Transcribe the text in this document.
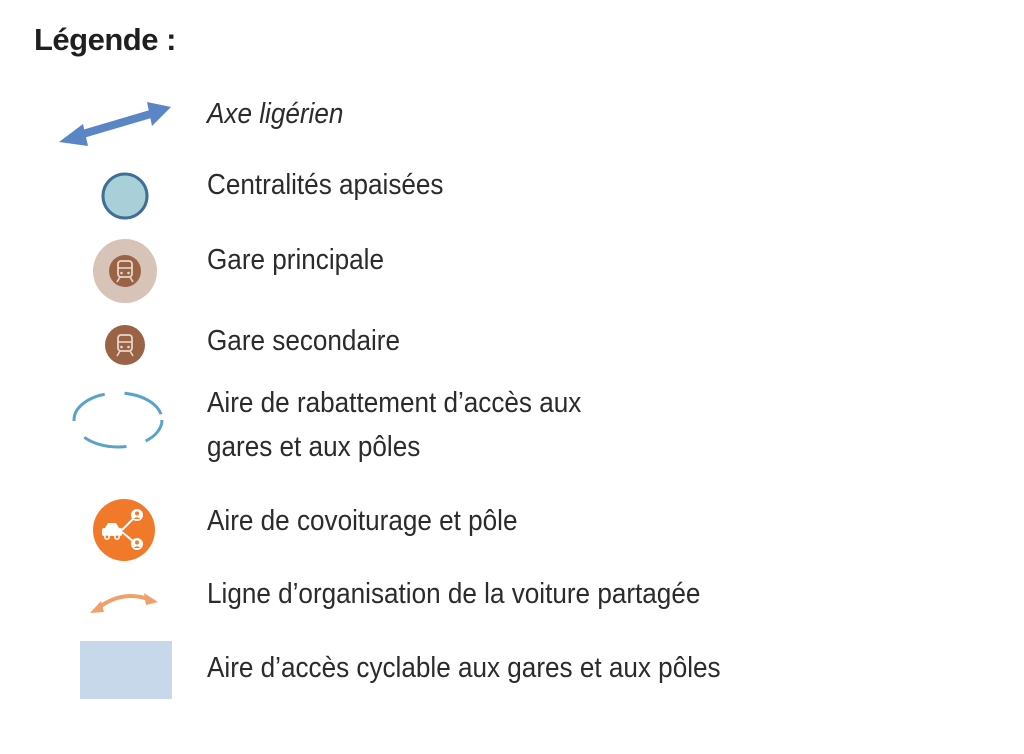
Légende :
Axe ligérien
Centralités apaisées
Gare principale
Gare secondaire
Aire de rabattement d’accès aux
gares et aux pôles
Aire de covoiturage et pôle
Ligne d’organisation de la voiture partagée
Aire d’accès cyclable aux gares et aux pôles
